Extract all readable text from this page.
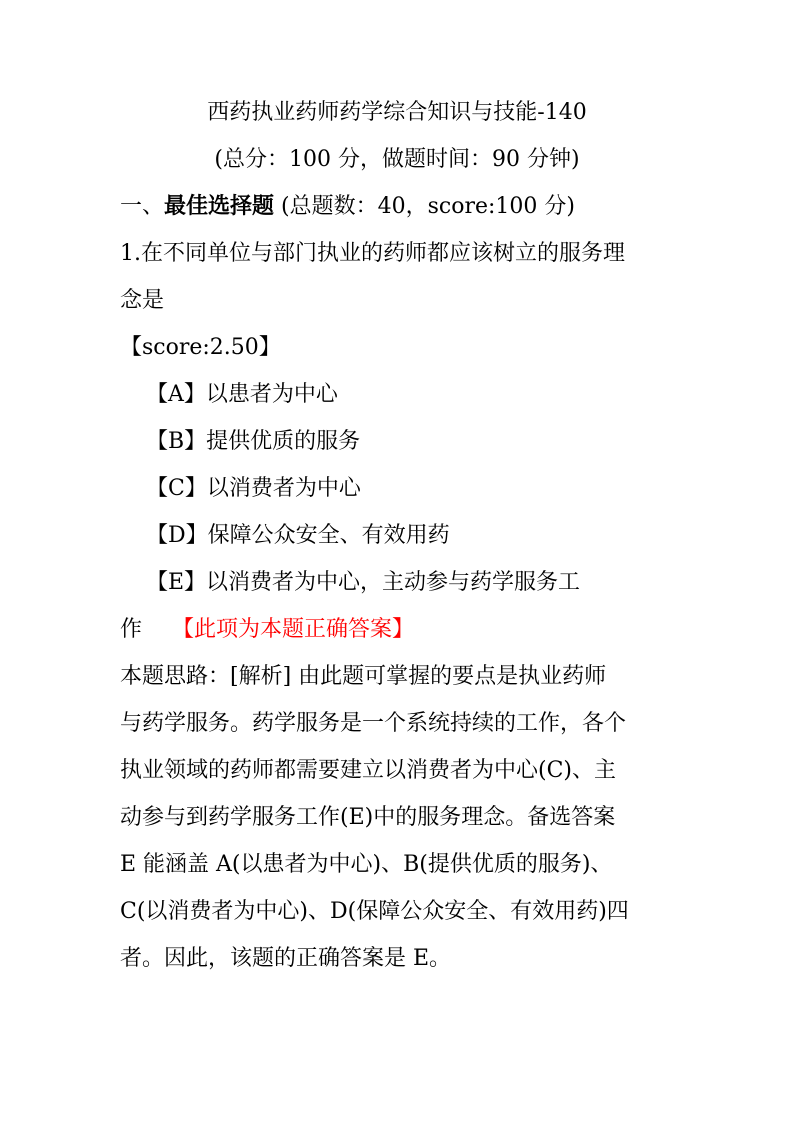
西药执业药师药学综合知识与技能-140
(总分：100 分，做题时间：90 分钟)
一、最佳选择题 (总题数：40，score:100 分)
1.在不同单位与部门执业的药师都应该树立的服务理
念是
【score:2.50】
【A】以患者为中心
【B】提供优质的服务
【C】以消费者为中心
【D】保障公众安全、有效用药
【E】以消费者为中心，主动参与药学服务工
作 【此项为本题正确答案】
本题思路：[解析] 由此题可掌握的要点是执业药师
与药学服务。药学服务是一个系统持续的工作，各个
执业领域的药师都需要建立以消费者为中心(C)、主
动参与到药学服务工作(E)中的服务理念。备选答案
E 能涵盖 A(以患者为中心)、B(提供优质的服务)、
C(以消费者为中心)、D(保障公众安全、有效用药)四
者。因此，该题的正确答案是 E。
